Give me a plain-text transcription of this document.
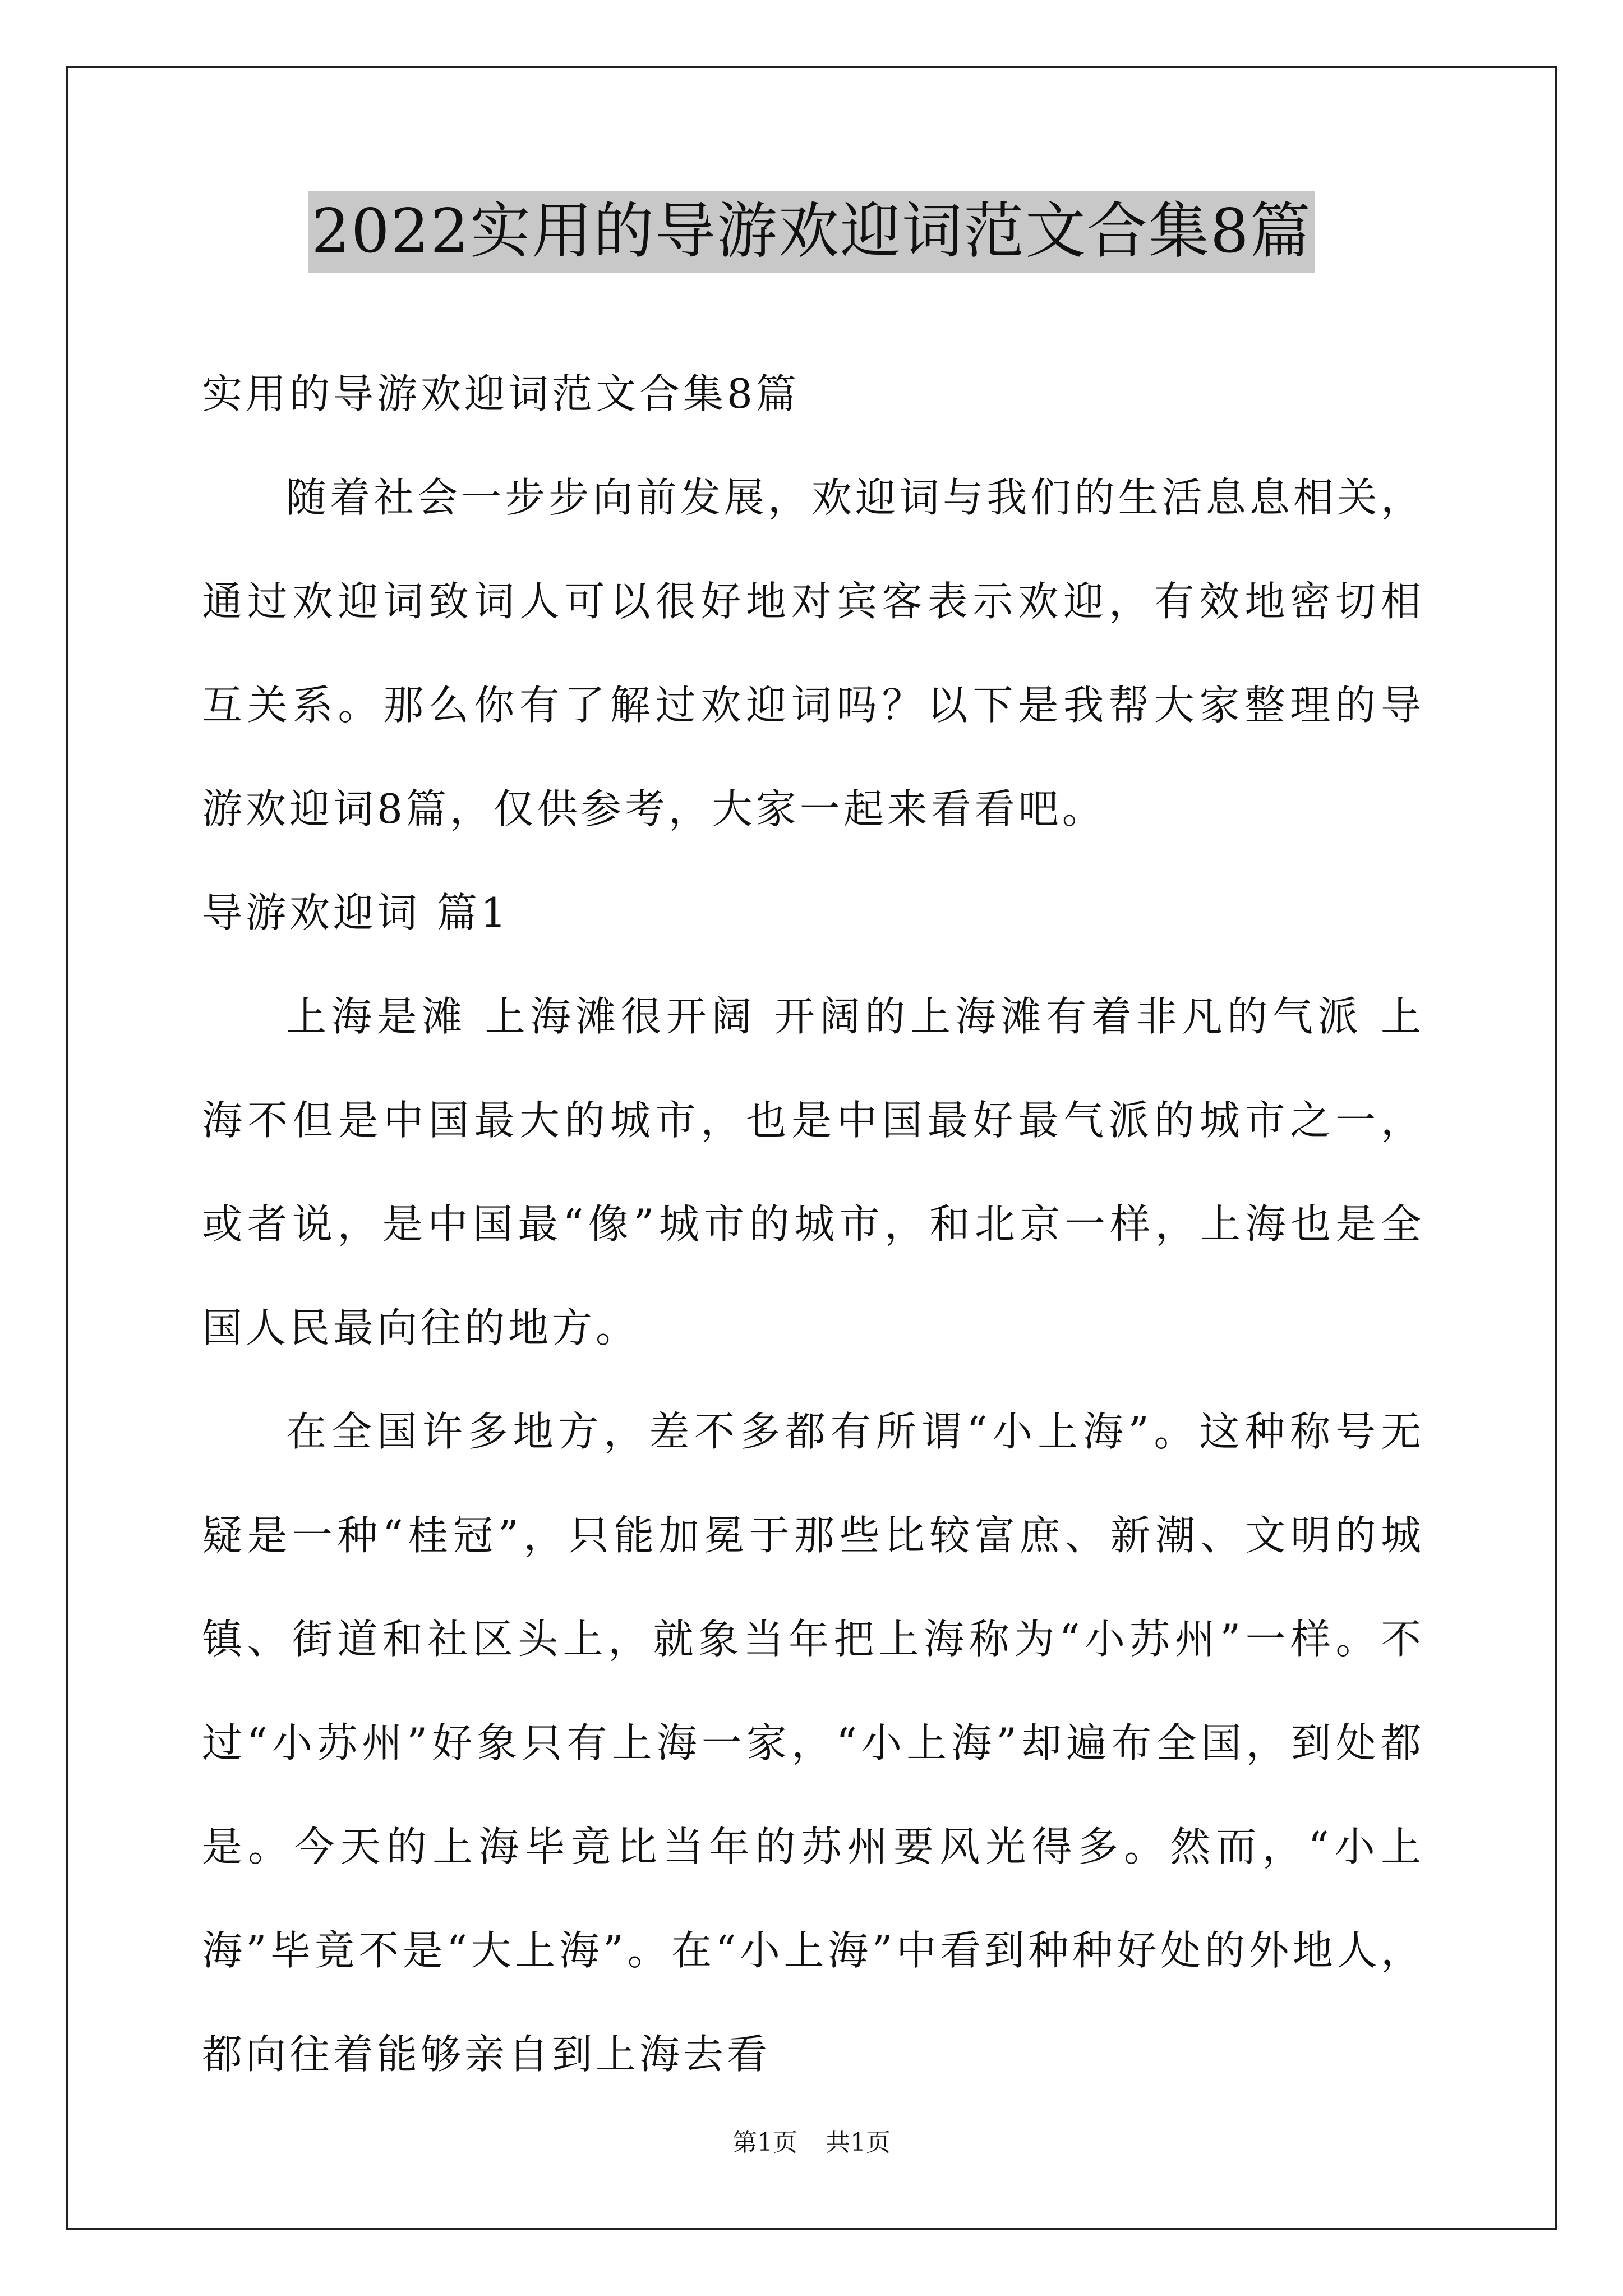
2022实用的导游欢迎词范文合集8篇

实用的导游欢迎词范文合集8篇

随着社会一步步向前发展，欢迎词与我们的生活息息相关，通过欢迎词致词人可以很好地对宾客表示欢迎，有效地密切相互关系。那么你有了解过欢迎词吗？以下是我帮大家整理的导游欢迎词8篇，仅供参考，大家一起来看看吧。

导游欢迎词 篇1

上海是滩 上海滩很开阔 开阔的上海滩有着非凡的气派 上海不但是中国最大的城市，也是中国最好最气派的城市之一，或者说，是中国最“像”城市的城市，和北京一样，上海也是全国人民最向往的地方。

在全国许多地方，差不多都有所谓“小上海”。这种称号无疑是一种“桂冠”，只能加冕于那些比较富庶、新潮、文明的城镇、街道和社区头上，就象当年把上海称为“小苏州”一样。不过“小苏州”好象只有上海一家，“小上海”却遍布全国，到处都是。今天的上海毕竟比当年的苏州要风光得多。然而，“小上海”毕竟不是“大上海”。在“小上海”中看到种种好处的外地人，都向往着能够亲自到上海去看

第1页 共1页
